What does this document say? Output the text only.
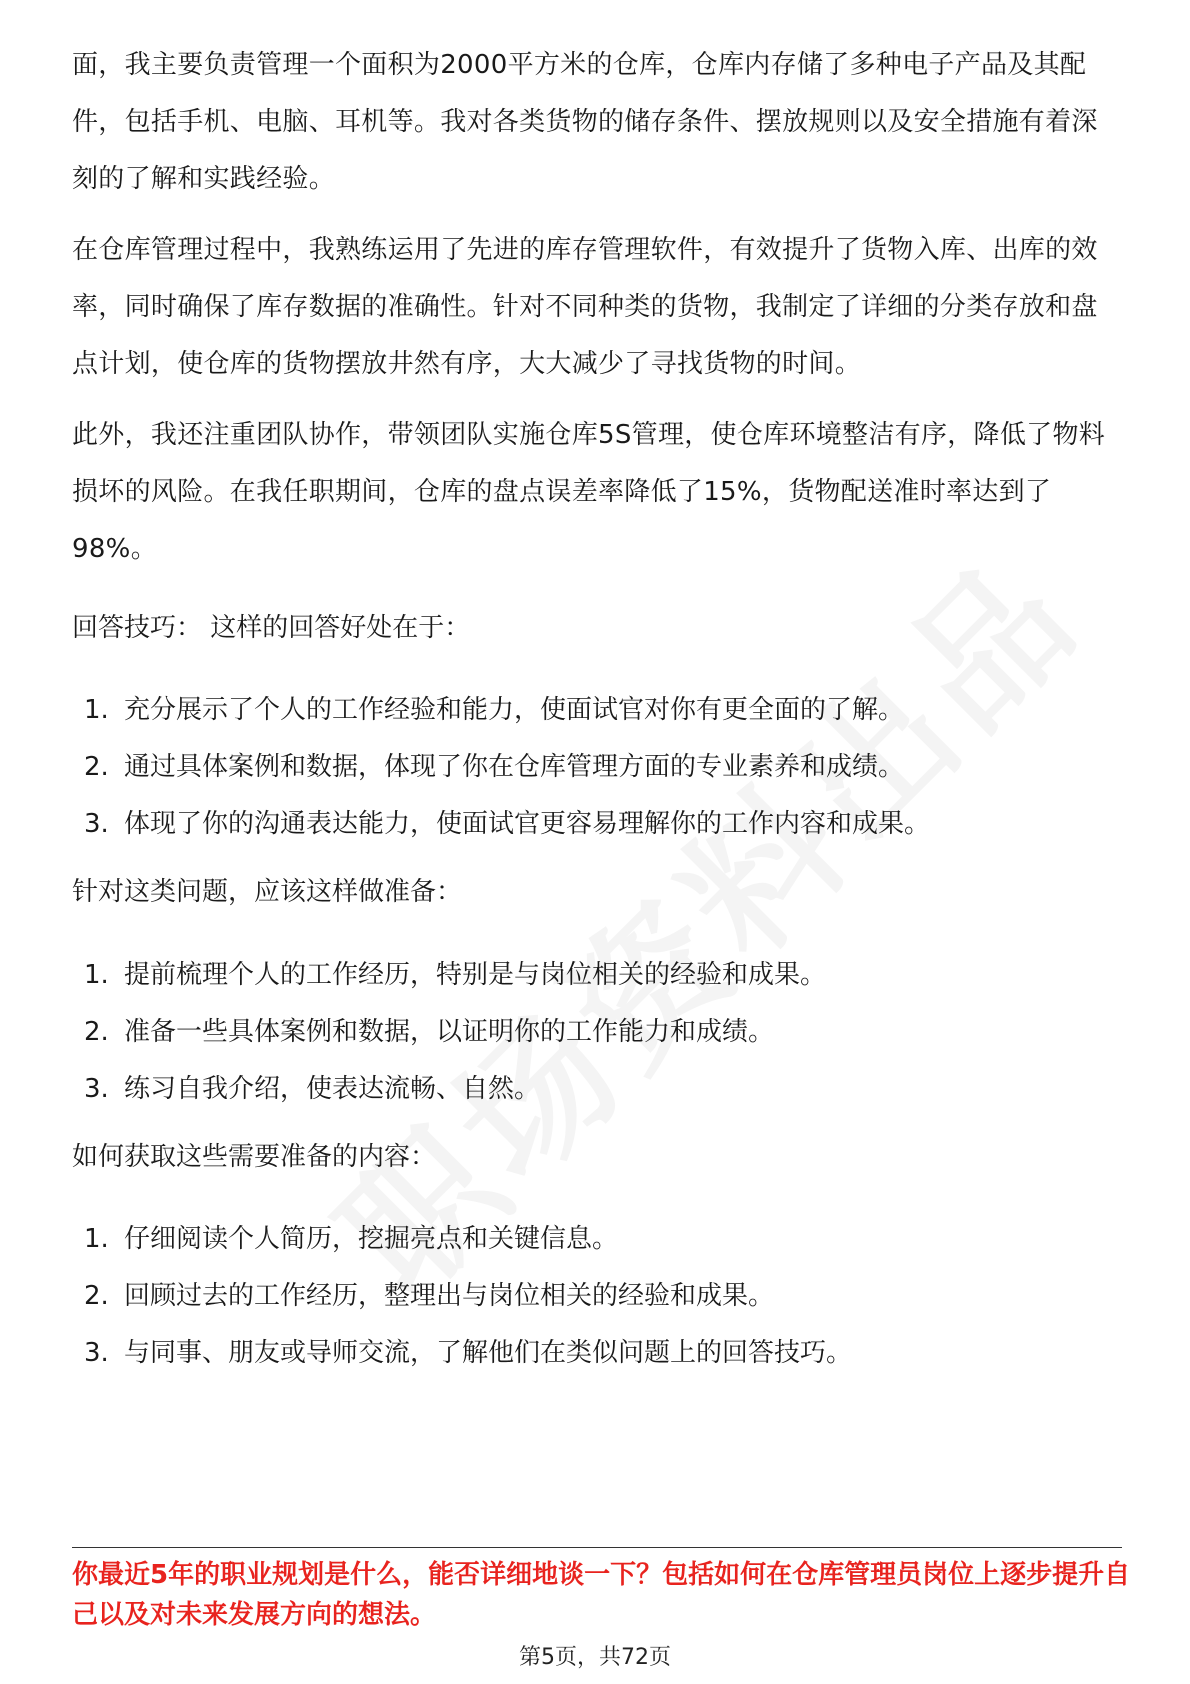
面，我主要负责管理一个面积为2000平方米的仓库，仓库内存储了多种电子产品及其配件，包括手机、电脑、耳机等。我对各类货物的储存条件、摆放规则以及安全措施有着深刻的了解和实践经验。

在仓库管理过程中，我熟练运用了先进的库存管理软件，有效提升了货物入库、出库的效率，同时确保了库存数据的准确性。针对不同种类的货物，我制定了详细的分类存放和盘点计划，使仓库的货物摆放井然有序，大大减少了寻找货物的时间。

此外，我还注重团队协作，带领团队实施仓库5S管理，使仓库环境整洁有序，降低了物料损坏的风险。在我任职期间，仓库的盘点误差率降低了15%，货物配送准时率达到了98%。

回答技巧： 这样的回答好处在于：

1. 充分展示了个人的工作经验和能力，使面试官对你有更全面的了解。
2. 通过具体案例和数据，体现了你在仓库管理方面的专业素养和成绩。
3. 体现了你的沟通表达能力，使面试官更容易理解你的工作内容和成果。

针对这类问题，应该这样做准备：

1. 提前梳理个人的工作经历，特别是与岗位相关的经验和成果。
2. 准备一些具体案例和数据，以证明你的工作能力和成绩。
3. 练习自我介绍，使表达流畅、自然。

如何获取这些需要准备的内容：

1. 仔细阅读个人简历，挖掘亮点和关键信息。
2. 回顾过去的工作经历，整理出与岗位相关的经验和成果。
3. 与同事、朋友或导师交流，了解他们在类似问题上的回答技巧。

你最近5年的职业规划是什么，能否详细地谈一下？包括如何在仓库管理员岗位上逐步提升自己以及对未来发展方向的想法。

第5页，共72页
